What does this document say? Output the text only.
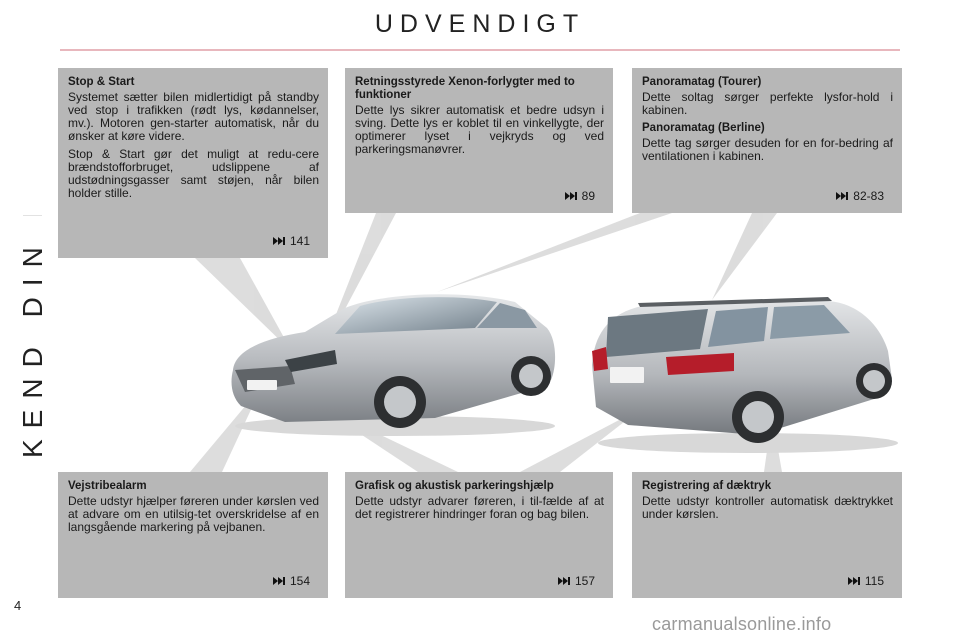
UDVENDIGT
KEND DIN BIL
Stop & Start

Systemet sætter bilen midlertidigt på standby ved stop i trafikken (rødt lys, kødannelser, mv.). Motoren gen-starter automatisk, når du ønsker at køre videre.

Stop & Start gør det muligt at redu-cere brændstofforbruget, udslippene af udstødningsgasser samt støjen, når bilen holder stille.

141
Retningsstyrede Xenon-forlygter med to funktioner

Dette lys sikrer automatisk et bedre udsyn i sving. Dette lys er koblet til en vinkellygte, der optimerer lyset i vejkryds og ved parkeringsmanøvrer.

89
Panoramatag (Tourer)

Dette soltag sørger perfekte lysfor-hold i kabinen.

Panoramatag (Berline)

Dette tag sørger desuden for en for-bedring af ventilationen i kabinen.

82-83
Vejstribealarm

Dette udstyr hjælper føreren under kørslen ved at advare om en utilsig-tet overskridelse af en langsgående markering på vejbanen.

154
Grafisk og akustisk parkeringshjælp

Dette udstyr advarer føreren, i til-fælde af at det registrerer hindringer foran og bag bilen.

157
Registrering af dæktryk

Dette udstyr kontroller automatisk dæktrykket under kørslen.

115
4
carmanualsonline.info
